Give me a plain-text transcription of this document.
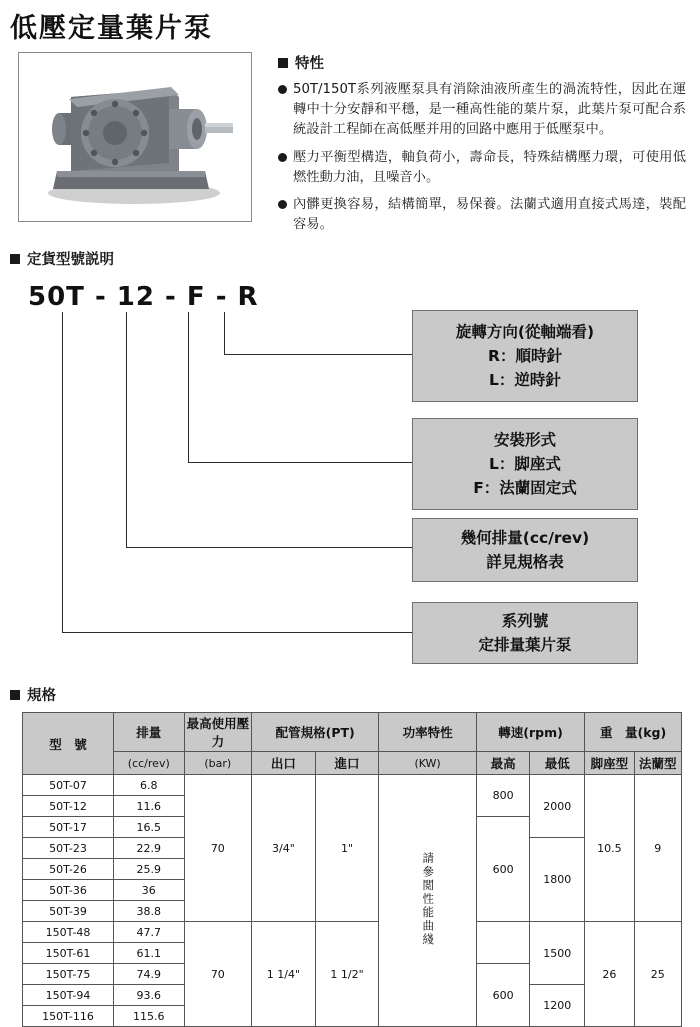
低壓定量葉片泵
特性
50T/150T系列液壓泵具有消除油液所產生的渦流特性，因此在運轉中十分安靜和平穩，是一種高性能的葉片泵，此葉片泵可配合系統設計工程師在高低壓并用的回路中應用于低壓泵中。
壓力平衡型構造，軸負荷小，壽命長，特殊結構壓力環，可使用低燃性動力油，且噪音小。
內髒更換容易，結構簡單，易保養。法蘭式適用直接式馬達，裝配容易。
定貨型號説明
50T - 12 - F - R
旋轉方向(從軸端看)
R：順時針
L：逆時針
安裝形式
L：脚座式
F：法蘭固定式
幾何排量(cc/rev)
詳見規格表
系列號
定排量葉片泵
規格
型　號	排量	最高使用壓力	配管規格(PT)		功率特性	轉速(rpm)		重　量(kg)	
	(cc/rev)	(bar)	出口	進口	(KW)	最高	最低	脚座型	法蘭型
50T-07	6.8	70	3/4"	1"	請參閲性能曲綫	800	2000	10.5	9
50T-12	11.6								
50T-17	16.5					600			
50T-23	22.9						1800		
50T-26	25.9								
50T-36	36								
50T-39	38.8								
150T-48	47.7	70	1 1/4"	1 1/2"			1500	26	25
150T-61	61.1								
150T-75	74.9					600			
150T-94	93.6						1200		
150T-116	115.6								
